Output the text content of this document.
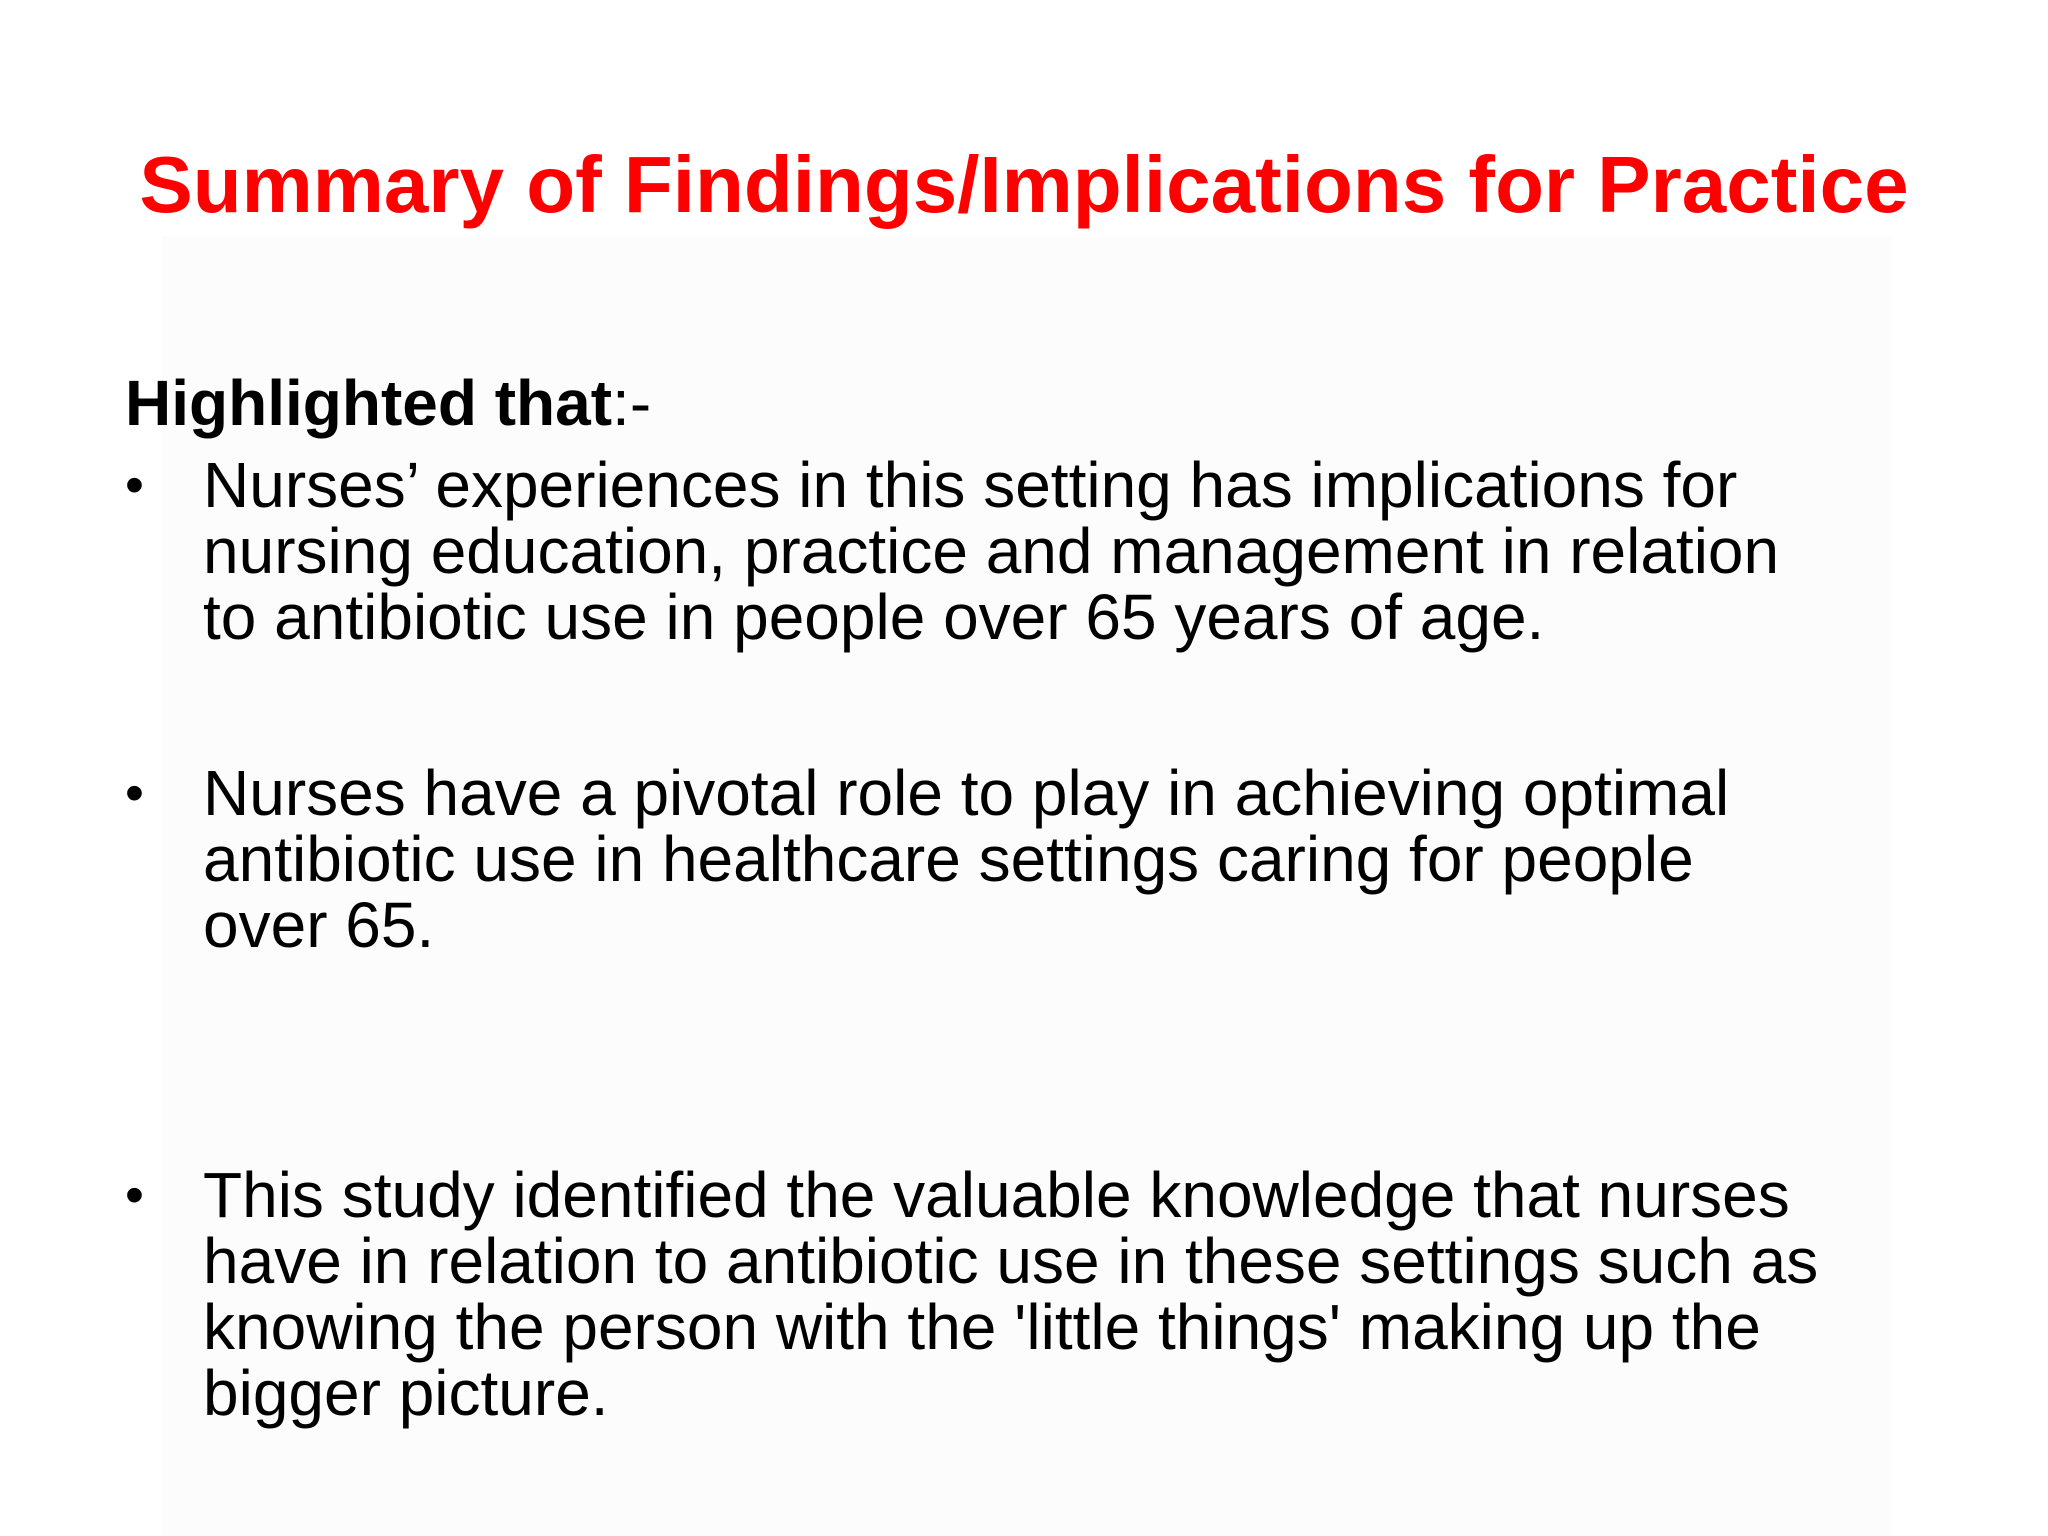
Summary of Findings/Implications for Practice
Highlighted that:-
• Nurses’ experiences in this setting has implications for
nursing education, practice and management in relation
to antibiotic use in people over 65 years of age.
• Nurses have a pivotal role to play in achieving optimal
antibiotic use in healthcare settings caring for people
over 65.
• This study identified the valuable knowledge that nurses
have in relation to antibiotic use in these settings such as
knowing the person with the 'little things' making up the
bigger picture.
